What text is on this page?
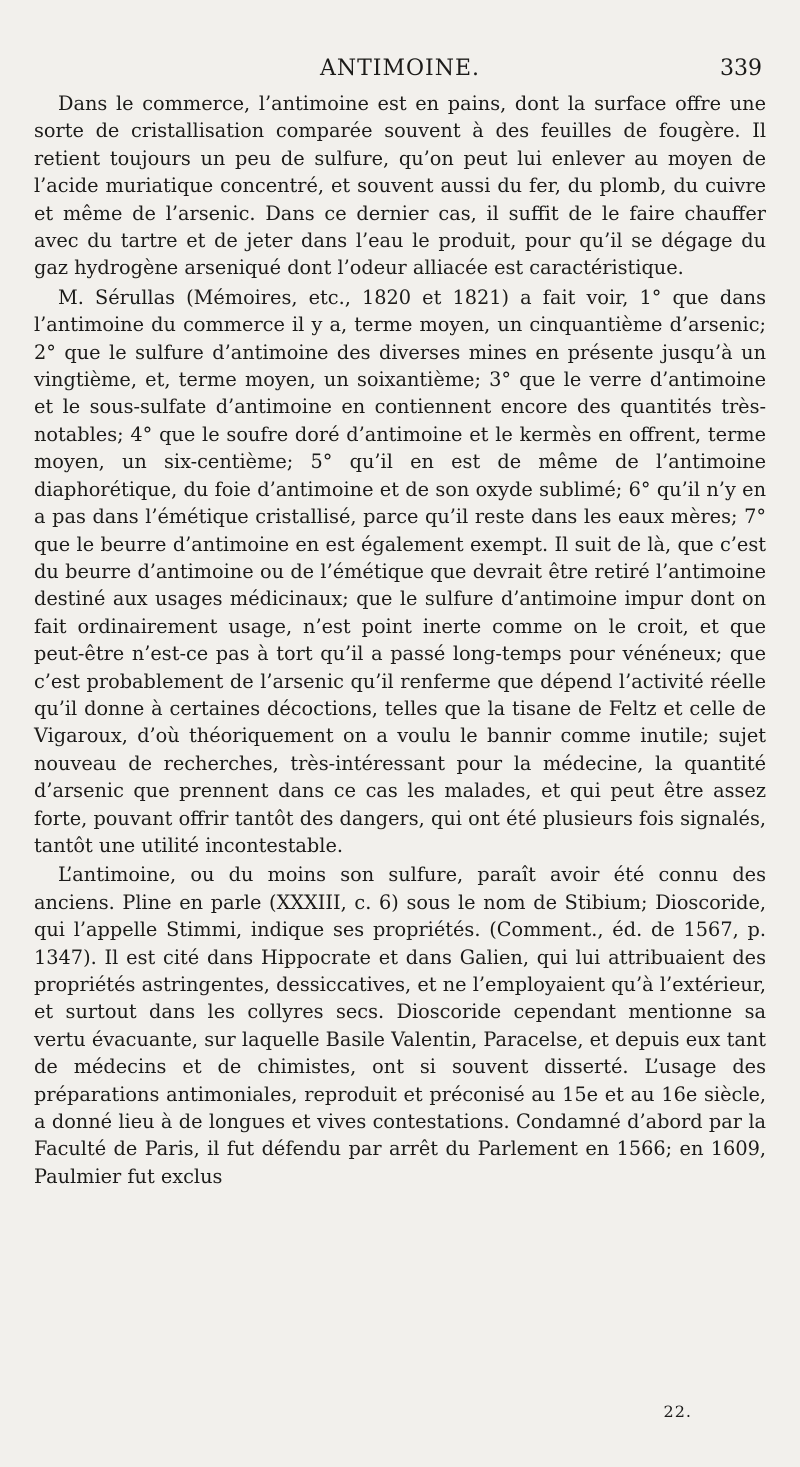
ANTIMOINE.	339

Dans le commerce, l’antimoine est en pains, dont la surface offre une sorte de cristallisation comparée souvent à des feuilles de fougère. Il retient toujours un peu de sulfure, qu’on peut lui enlever au moyen de l’acide muriatique concentré, et souvent aussi du fer, du plomb, du cuivre et même de l’arsenic. Dans ce dernier cas, il suffit de le faire chauffer avec du tartre et de jeter dans l’eau le produit, pour qu’il se dégage du gaz hydrogène arseniqué dont l’odeur alliacée est caractéristique.

M. Sérullas (Mémoires, etc., 1820 et 1821) a fait voir, 1° que dans l’antimoine du commerce il y a, terme moyen, un cinquantième d’arsenic; 2° que le sulfure d’antimoine des diverses mines en présente jusqu’à un vingtième, et, terme moyen, un soixantième; 3° que le verre d’antimoine et le sous-sulfate d’antimoine en contiennent encore des quantités très-notables; 4° que le soufre doré d’antimoine et le kermès en offrent, terme moyen, un six-centième; 5° qu’il en est de même de l’antimoine diaphorétique, du foie d’antimoine et de son oxyde sublimé; 6° qu’il n’y en a pas dans l’émétique cristallisé, parce qu’il reste dans les eaux mères; 7° que le beurre d’antimoine en est également exempt. Il suit de là, que c’est du beurre d’antimoine ou de l’émétique que devrait être retiré l’antimoine destiné aux usages médicinaux; que le sulfure d’antimoine impur dont on fait ordinairement usage, n’est point inerte comme on le croit, et que peut-être n’est-ce pas à tort qu’il a passé long-temps pour vénéneux; que c’est probablement de l’arsenic qu’il renferme que dépend l’activité réelle qu’il donne à certaines décoctions, telles que la tisane de Feltz et celle de Vigaroux, d’où théoriquement on a voulu le bannir comme inutile; sujet nouveau de recherches, très-intéressant pour la médecine, la quantité d’arsenic que prennent dans ce cas les malades, et qui peut être assez forte, pouvant offrir tantôt des dangers, qui ont été plusieurs fois signalés, tantôt une utilité incontestable.

L’antimoine, ou du moins son sulfure, paraît avoir été connu des anciens. Pline en parle (XXXIII, c. 6) sous le nom de Stibium; Dioscoride, qui l’appelle Stimmi, indique ses propriétés. (Comment., éd. de 1567, p. 1347). Il est cité dans Hippocrate et dans Galien, qui lui attribuaient des propriétés astringentes, dessiccatives, et ne l’employaient qu’à l’extérieur, et surtout dans les collyres secs. Dioscoride cependant mentionne sa vertu évacuante, sur laquelle Basile Valentin, Paracelse, et depuis eux tant de médecins et de chimistes, ont si souvent disserté. L’usage des préparations antimoniales, reproduit et préconisé au 15e et au 16e siècle, a donné lieu à de longues et vives contestations. Condamné d’abord par la Faculté de Paris, il fut défendu par arrêt du Parlement en 1566; en 1609, Paulmier fut exclus

22.
